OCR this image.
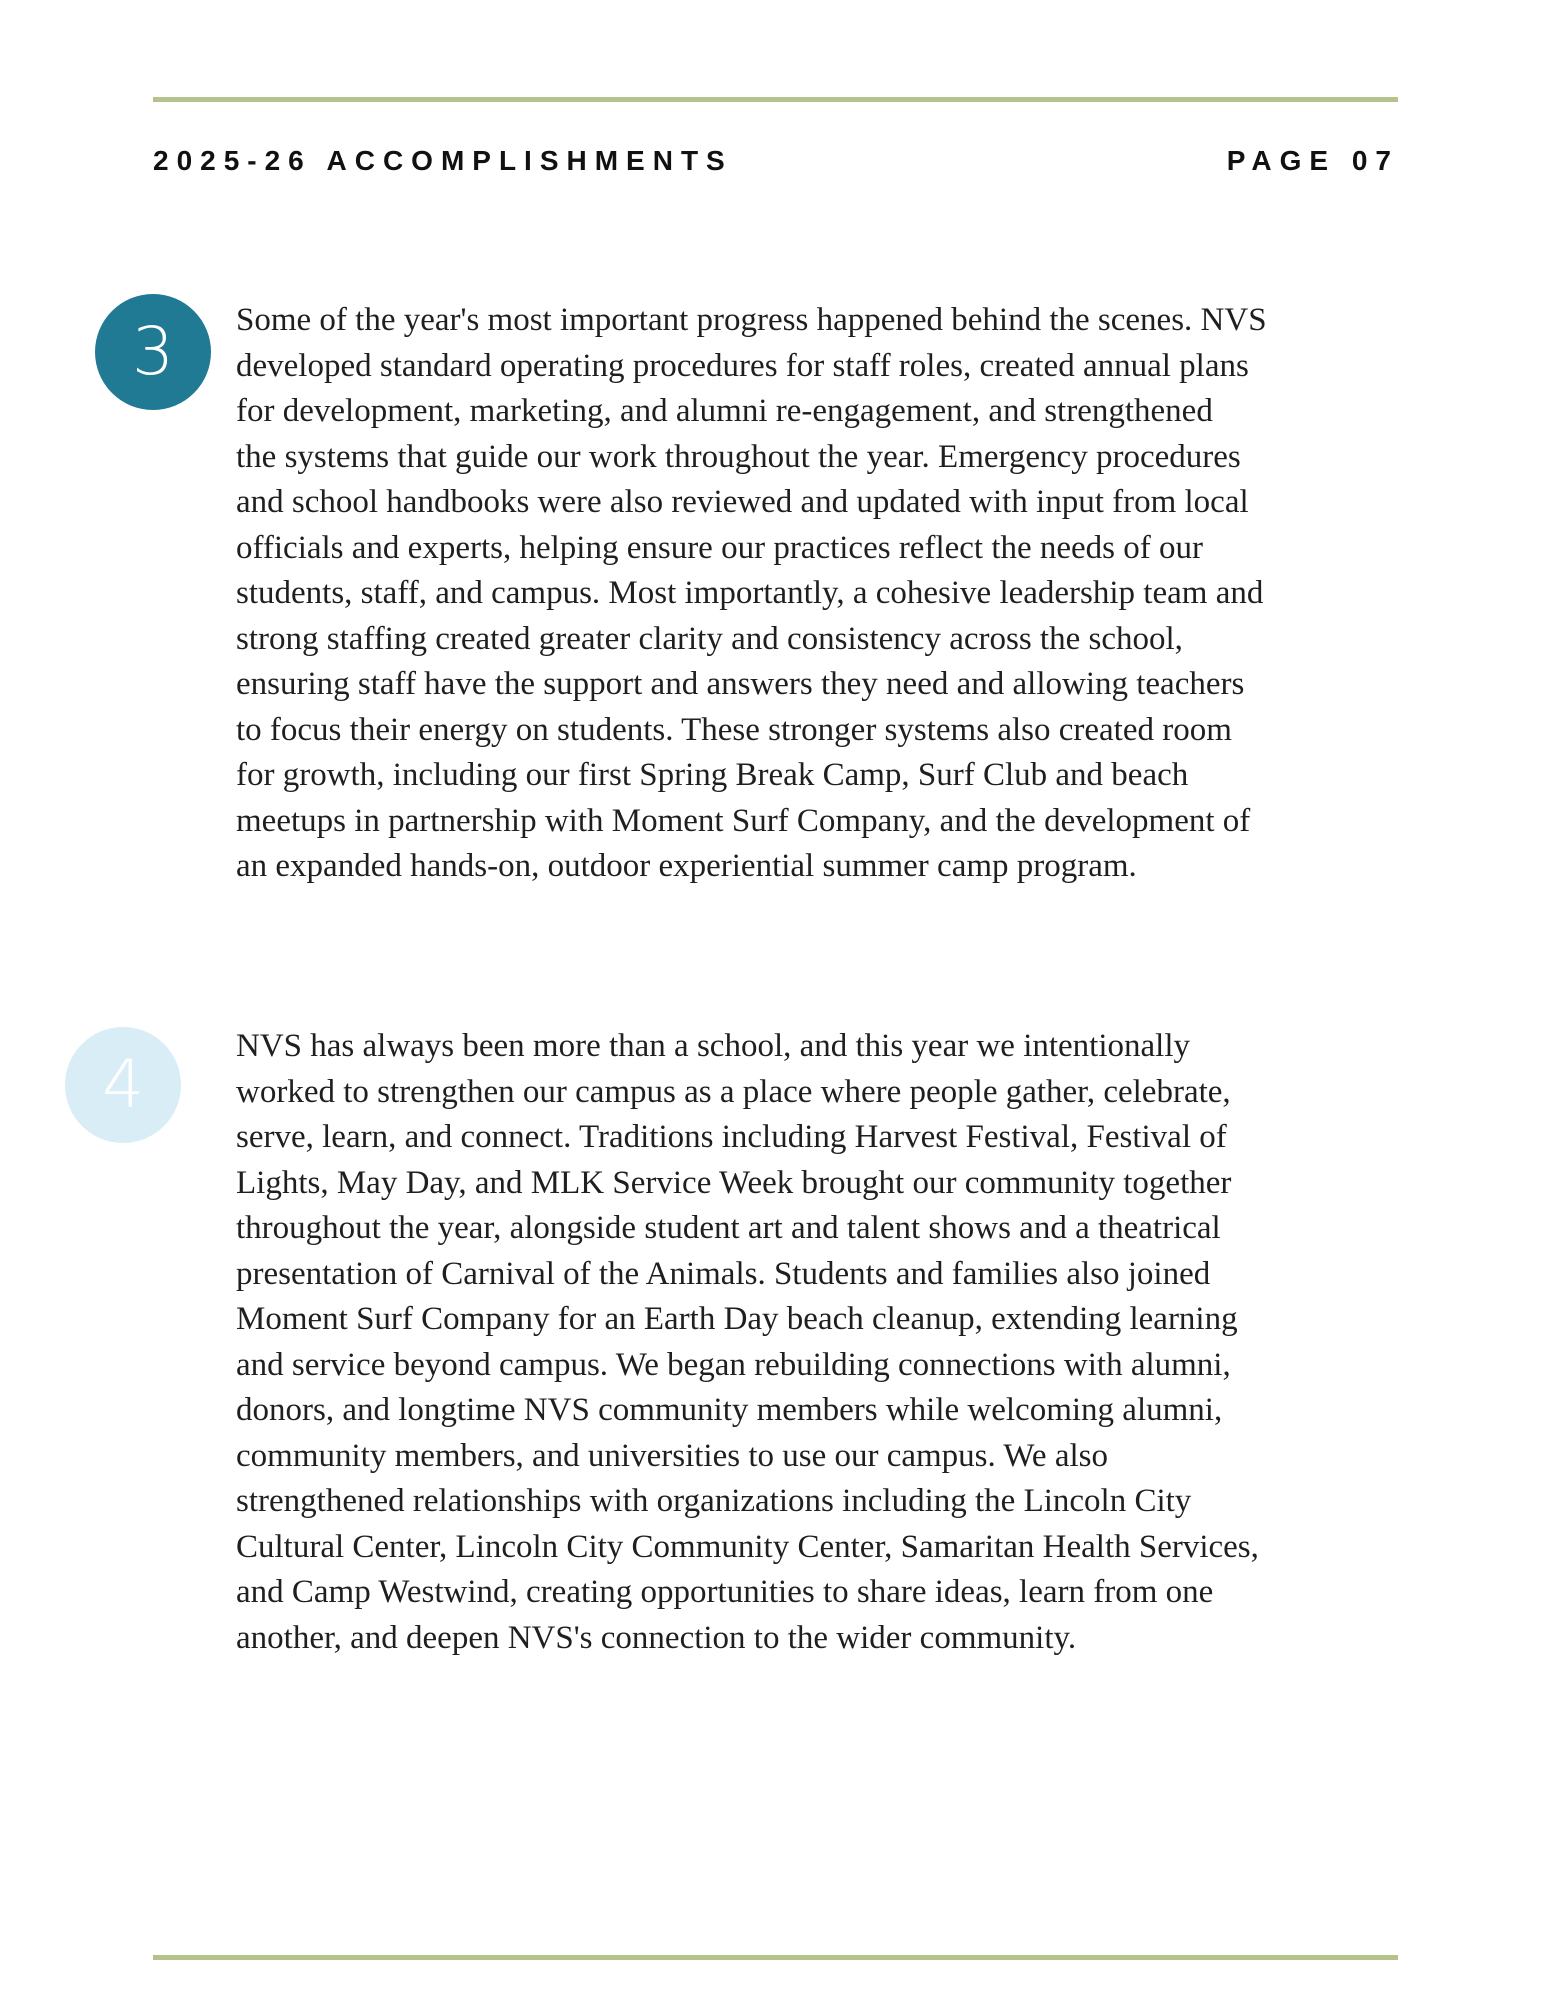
2025-26 ACCOMPLISHMENTS	PAGE 07
3	Some of the year's most important progress happened behind the scenes. NVS
developed standard operating procedures for staff roles, created annual plans
for development, marketing, and alumni re-engagement, and strengthened
the systems that guide our work throughout the year. Emergency procedures
and school handbooks were also reviewed and updated with input from local
officials and experts, helping ensure our practices reflect the needs of our
students, staff, and campus. Most importantly, a cohesive leadership team and
strong staffing created greater clarity and consistency across the school,
ensuring staff have the support and answers they need and allowing teachers
to focus their energy on students. These stronger systems also created room
for growth, including our first Spring Break Camp, Surf Club and beach
meetups in partnership with Moment Surf Company, and the development of
an expanded hands-on, outdoor experiential summer camp program.

4	NVS has always been more than a school, and this year we intentionally
worked to strengthen our campus as a place where people gather, celebrate,
serve, learn, and connect. Traditions including Harvest Festival, Festival of
Lights, May Day, and MLK Service Week brought our community together
throughout the year, alongside student art and talent shows and a theatrical
presentation of Carnival of the Animals. Students and families also joined
Moment Surf Company for an Earth Day beach cleanup, extending learning
and service beyond campus. We began rebuilding connections with alumni,
donors, and longtime NVS community members while welcoming alumni,
community members, and universities to use our campus. We also
strengthened relationships with organizations including the Lincoln City
Cultural Center, Lincoln City Community Center, Samaritan Health Services,
and Camp Westwind, creating opportunities to share ideas, learn from one
another, and deepen NVS's connection to the wider community.
